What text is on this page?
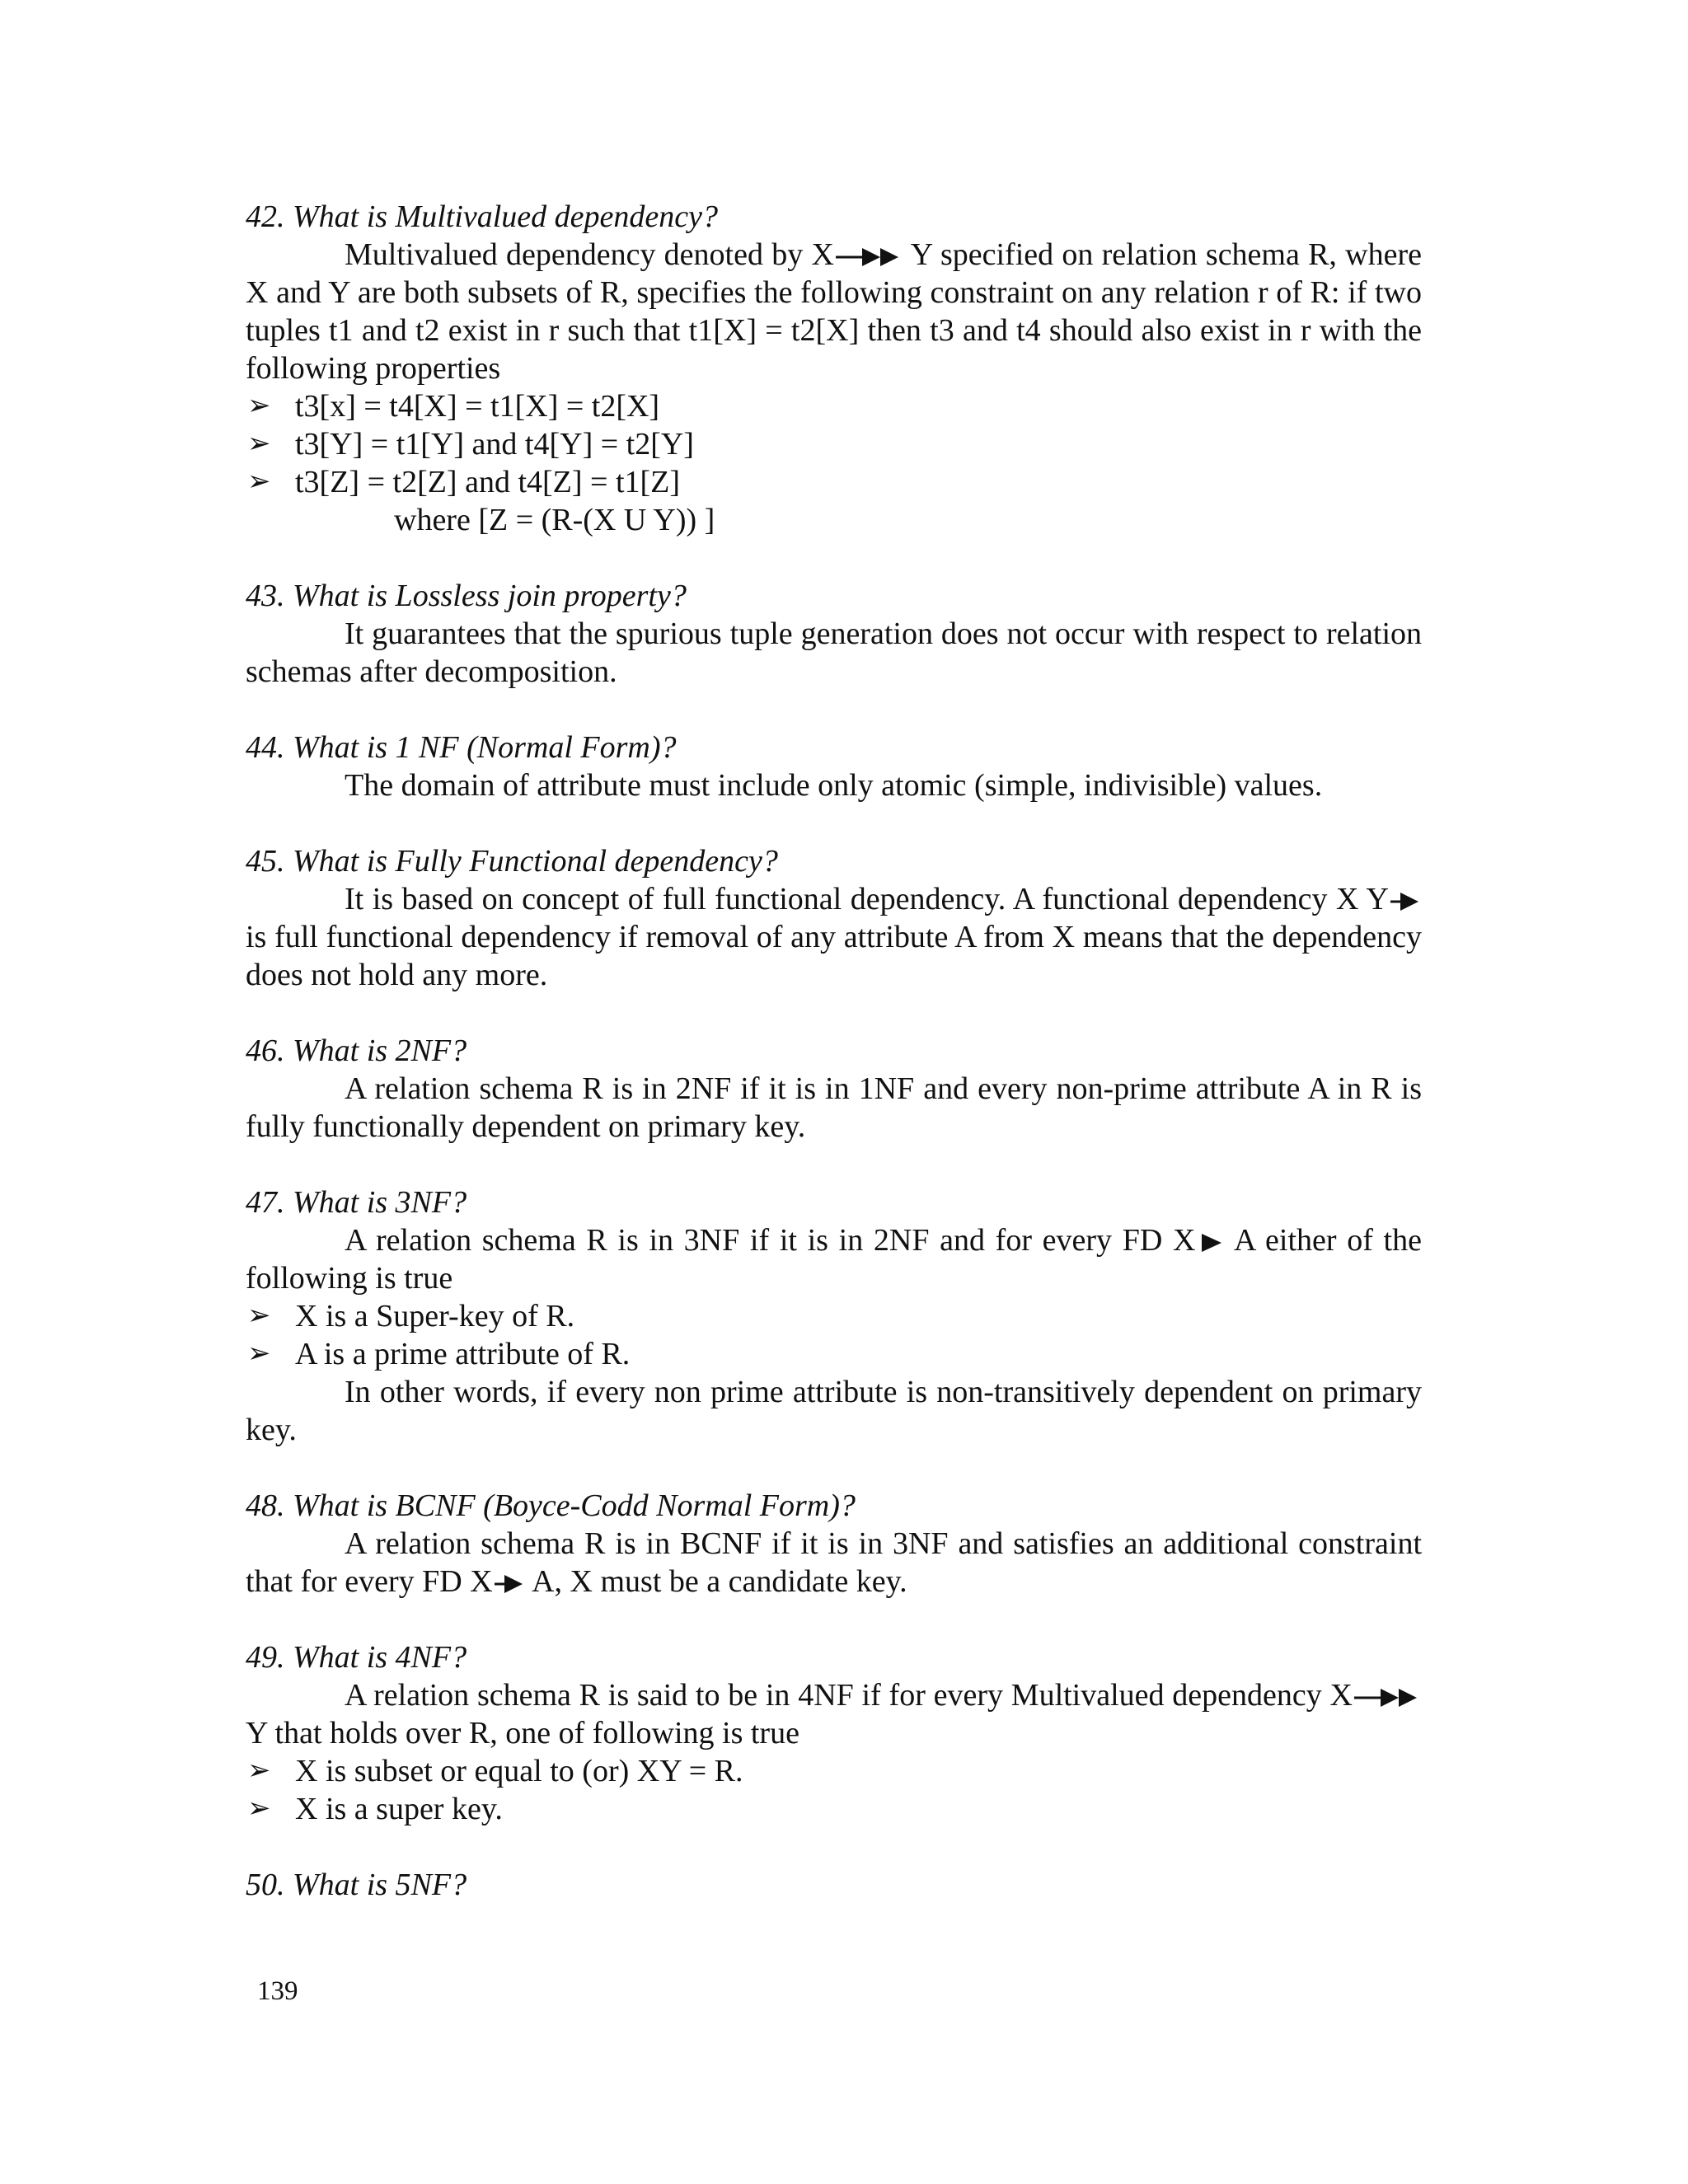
42. What is Multivalued dependency?
Multivalued dependency denoted by X Y specified on relation schema R, where X and Y are both subsets of R, specifies the following constraint on any relation r of R: if two tuples t1 and t2 exist in r such that t1[X] = t2[X] then t3 and t4 should also exist in r with the following properties
➢ t3[x] = t4[X] = t1[X] = t2[X]
➢ t3[Y] = t1[Y] and t4[Y] = t2[Y]
➢ t3[Z] = t2[Z] and t4[Z] = t1[Z]
where [Z = (R-(X U Y)) ]
43. What is Lossless join property?
It guarantees that the spurious tuple generation does not occur with respect to relation schemas after decomposition.
44. What is 1 NF (Normal Form)?
The domain of attribute must include only atomic (simple, indivisible) values.
45. What is Fully Functional dependency?
It is based on concept of full functional dependency. A functional dependency X Y is full functional dependency if removal of any attribute A from X means that the dependency does not hold any more.
46. What is 2NF?
A relation schema R is in 2NF if it is in 1NF and every non-prime attribute A in R is fully functionally dependent on primary key.
47. What is 3NF?
A relation schema R is in 3NF if it is in 2NF and for every FD X A either of the following is true
➢ X is a Super-key of R.
➢ A is a prime attribute of R.
In other words, if every non prime attribute is non-transitively dependent on primary key.
48. What is BCNF (Boyce-Codd Normal Form)?
A relation schema R is in BCNF if it is in 3NF and satisfies an additional constraint that for every FD X A, X must be a candidate key.
49. What is 4NF?
A relation schema R is said to be in 4NF if for every Multivalued dependency XY that holds over R, one of following is true
➢ X is subset or equal to (or) XY = R.
➢ X is a super key.
50. What is 5NF?
139
